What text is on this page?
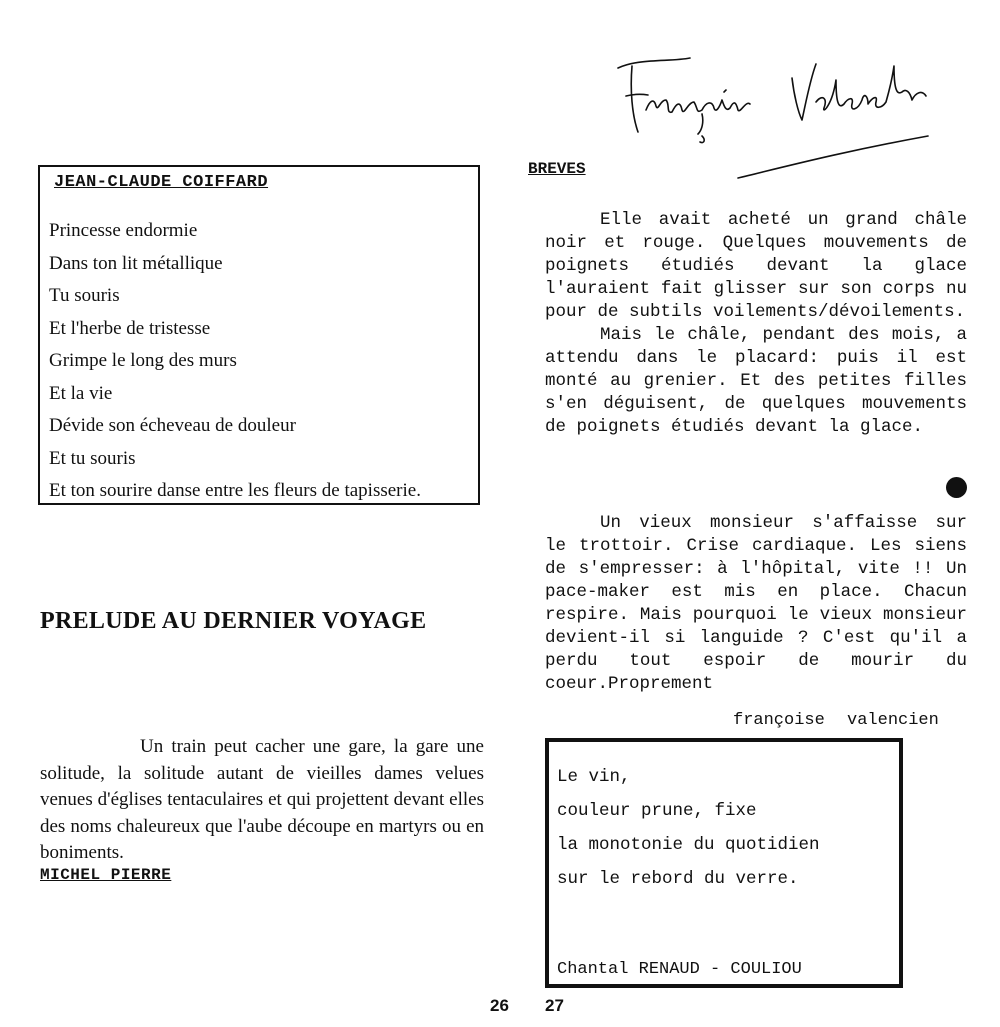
JEAN-CLAUDE COIFFARD
Princesse endormie
Dans ton lit métallique
Tu souris
Et l'herbe de tristesse
Grimpe le long des murs
Et la vie
Dévide son écheveau de douleur
Et tu souris
Et ton sourire danse entre les fleurs de tapisserie.
PRELUDE AU DERNIER VOYAGE

Un train peut cacher une gare, la gare une solitude, la solitude autant de vieilles dames velues venues d'églises tentaculaires et qui projettent devant elles des noms chaleureux que l'aube découpe en martyrs ou en boniments.

MICHEL PIERRE
BREVES

Elle avait acheté un grand châle noir et rouge. Quelques mouvements de poignets étudiés devant la glace l'auraient fait glisser sur son corps nu pour de subtils voilements/dévoilements.

Mais le châle, pendant des mois, a attendu dans le placard: puis il est monté au grenier. Et des petites filles s'en déguisent, de quelques mouvements de poignets étudiés devant la glace.

Un vieux monsieur s'affaisse sur le trottoir. Crise cardiaque. Les siens de s'empresser: à l'hôpital, vite !! Un pace-maker est mis en place. Chacun respire. Mais pourquoi le vieux monsieur devient-il si languide ? C'est qu'il a perdu tout espoir de mourir du coeur.Proprement

françoise valencien
Le vin,
couleur prune, fixe
la monotonie du quotidien
sur le rebord du verre.
Chantal RENAUD - COULIOU
26 27
